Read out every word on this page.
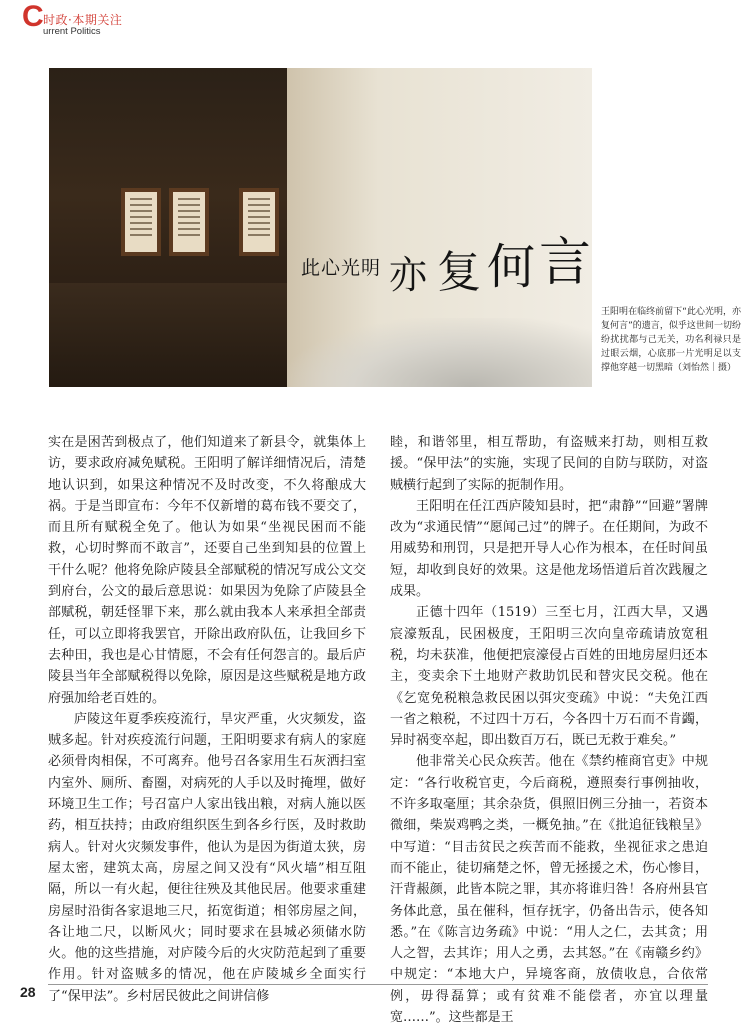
C 时政·本期关注
urrent Politics
此心光明 亦 复 何 言
王阳明在临终前留下“此心光明，亦复何言”的遗言，似乎这世间一切纷纷扰扰都与己无关，功名利禄只是过眼云烟，心底那一片光明足以支撑他穿越一切黑暗（刘怡然｜摄）

实在是困苦到极点了，他们知道来了新县令，就集体上访，要求政府减免赋税。王阳明了解详细情况后，清楚地认识到，如果这种情况不及时改变，不久将酿成大祸。于是当即宣布：今年不仅新增的葛布钱不要交了，而且所有赋税全免了。他认为如果“坐视民困而不能救，心切时弊而不敢言”，还要自己坐到知县的位置上干什么呢？他将免除庐陵县全部赋税的情况写成公文交到府台，公文的最后意思说：如果因为免除了庐陵县全部赋税，朝廷怪罪下来，那么就由我本人来承担全部责任，可以立即将我罢官，开除出政府队伍，让我回乡下去种田，我也是心甘情愿，不会有任何怨言的。最后庐陵县当年全部赋税得以免除，原因是这些赋税是地方政府强加给老百姓的。

庐陵这年夏季疾疫流行，旱灾严重，火灾频发，盗贼多起。针对疾疫流行问题，王阳明要求有病人的家庭必须骨肉相保，不可离弃。他号召各家用生石灰洒扫室内室外、厕所、畜圈，对病死的人手以及时掩埋，做好环境卫生工作；号召富户人家出钱出粮，对病人施以医药，相互扶持；由政府组织医生到各乡行医，及时救助病人。针对火灾频发事件，他认为是因为街道太狭，房屋太密，建筑太高，房屋之间又没有“风火墙”相互阻隔，所以一有火起，便往往殃及其他民居。他要求重建房屋时沿街各家退地三尺，拓宽街道；相邻房屋之间，各让地二尺，以断风火；同时要求在县城必须储水防火。他的这些措施，对庐陵今后的火灾防范起到了重要作用。针对盗贼多的情况，他在庐陵城乡全面实行了“保甲法”。乡村居民彼此之间讲信修

睦，和谐邻里，相互帮助，有盗贼来打劫，则相互救援。“保甲法”的实施，实现了民间的自防与联防，对盗贼横行起到了实际的扼制作用。

王阳明在任江西庐陵知县时，把“肃静”“回避”署牌改为“求通民情”“愿闻己过”的牌子。在任期间，为政不用威势和刑罚，只是把开导人心作为根本，在任时间虽短，却收到良好的效果。这是他龙场悟道后首次践履之成果。

正德十四年（1519）三至七月，江西大旱，又遇宸濠叛乱，民困极度，王阳明三次向皇帝疏请放宽租税，均未获准，他便把宸濠侵占百姓的田地房屋归还本主，变卖余下土地财产救助饥民和替灾民交税。他在《乞宽免税粮急救民困以弭灾变疏》中说：“夫免江西一省之粮税，不过四十万石，今各四十万石而不肯蠲，异时祸变卒起，即出数百万石，既已无救于难矣。”

他非常关心民众疾苦。他在《禁约榷商官吏》中规定：“各行收税官吏，今后商税，遵照奏行事例抽收，不许多取毫厘；其余杂货，俱照旧例三分抽一，若资本微细，柴炭鸡鸭之类，一概免抽。”在《批追征钱粮呈》中写道：“目击贫民之疾苦而不能救，坐视征求之患迫而不能止，徒切痛楚之怀，曾无拯援之术，伤心惨目，汗背赧颜，此皆本院之罪，其亦将谁归咎！各府州县官务体此意，虽在催科，恒存抚字，仍备出告示，使各知悉。”在《陈言边务疏》中说：“用人之仁，去其贪；用人之智，去其诈；用人之勇，去其怒。”在《南赣乡约》中规定：“本地大户，异境客商，放债收息，合依常例，毋得磊算；或有贫难不能偿者，亦宜以理量宽……”。这些都是王

28
